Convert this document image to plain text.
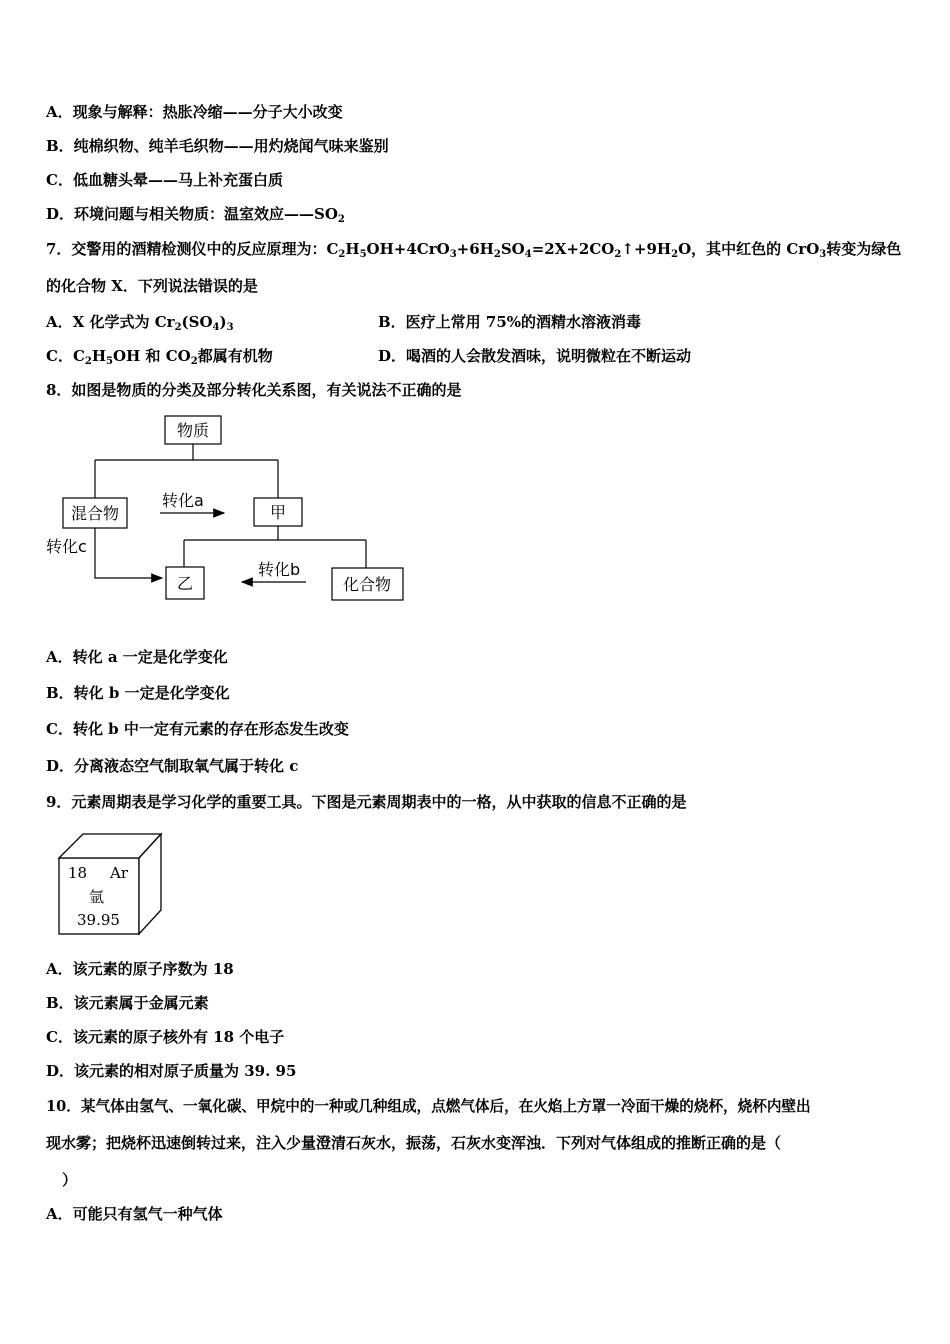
A．现象与解释：热胀冷缩——分子大小改变
B．纯棉织物、纯羊毛织物——用灼烧闻气味来鉴别
C．低血糖头晕——马上补充蛋白质
D．环境问题与相关物质：温室效应$——SO_2$
7．交警用的酒精检测仪中的反应原理为：$C_2H_5OH+4CrO_3+6H_2SO_4=2X+2CO_2↑+9H_2O$，其中红色的 CrO$_3$转变为绿色
的化合物 X．下列说法错误的是
A．X 化学式为 $Cr_2(SO_4)_3$	B．医疗上常用 75%的酒精水溶液消毒
C．$C_2H_5OH$ 和 $CO_2$都属有机物	D．喝酒的人会散发酒味，说明微粒在不断运动
8．如图是物质的分类及部分转化关系图，有关说法不正确的是
物质
混合物	甲
转化a
转化c
乙	化合物
转化b
A．转化 a 一定是化学变化
B．转化 b 一定是化学变化
C．转化 b 中一定有元素的存在形态发生改变
D．分离液态空气制取氧气属于转化 c
9．元素周期表是学习化学的重要工具。下图是元素周期表中的一格，从中获取的信息不正确的是
18 Ar
氩
39.95
A．该元素的原子序数为 18
B．该元素属于金属元素
C．该元素的原子核外有 18 个电子
D．该元素的相对原子质量为 39. 95
10．某气体由氢气、一氧化碳、甲烷中的一种或几种组成，点燃气体后，在火焰上方罩一冷面干燥的烧杯，烧杯内壁出
现水雾；把烧杯迅速倒转过来，注入少量澄清石灰水，振荡，石灰水变浑浊．下列对气体组成的推断正确的是（
）
A．可能只有氢气一种气体
